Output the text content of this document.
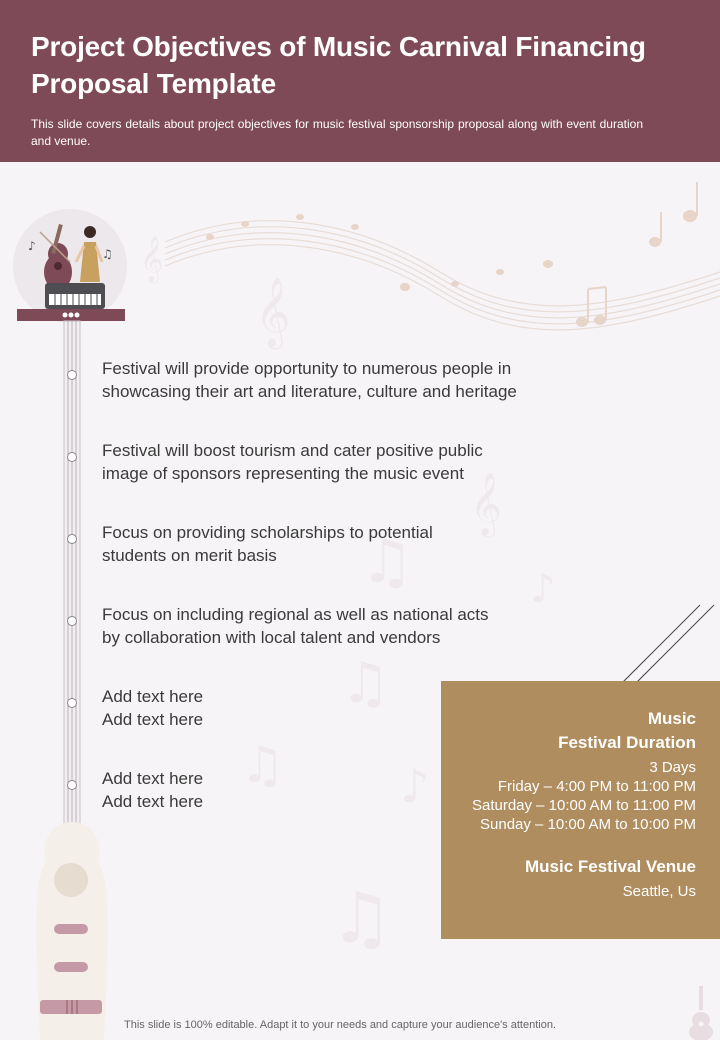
Project Objectives of Music Carnival Financing Proposal Template

This slide covers details about project objectives for music festival sponsorship proposal along with event duration and venue.

𝄞
𝄞
𝄞
♫	♪
♫
♫
♫
♪
♪
♫
Festival will provide opportunity to numerous people in
showcasing their art and literature, culture and heritage
Festival will boost tourism and cater positive public
image of sponsors representing the music event
Focus on providing scholarships to potential
students on merit basis
Focus on including regional as well as national acts
by collaboration with local talent and vendors
Add text here
Add text here
Add text here
Add text here
Music
Festival Duration
3 Days
Friday – 4:00 PM to 11:00 PM
Saturday – 10:00 AM to 11:00 PM
Sunday – 10:00 AM to 10:00 PM
Music Festival Venue
Seattle, Us
This slide is 100% editable. Adapt it to your needs and capture your audience's attention.
